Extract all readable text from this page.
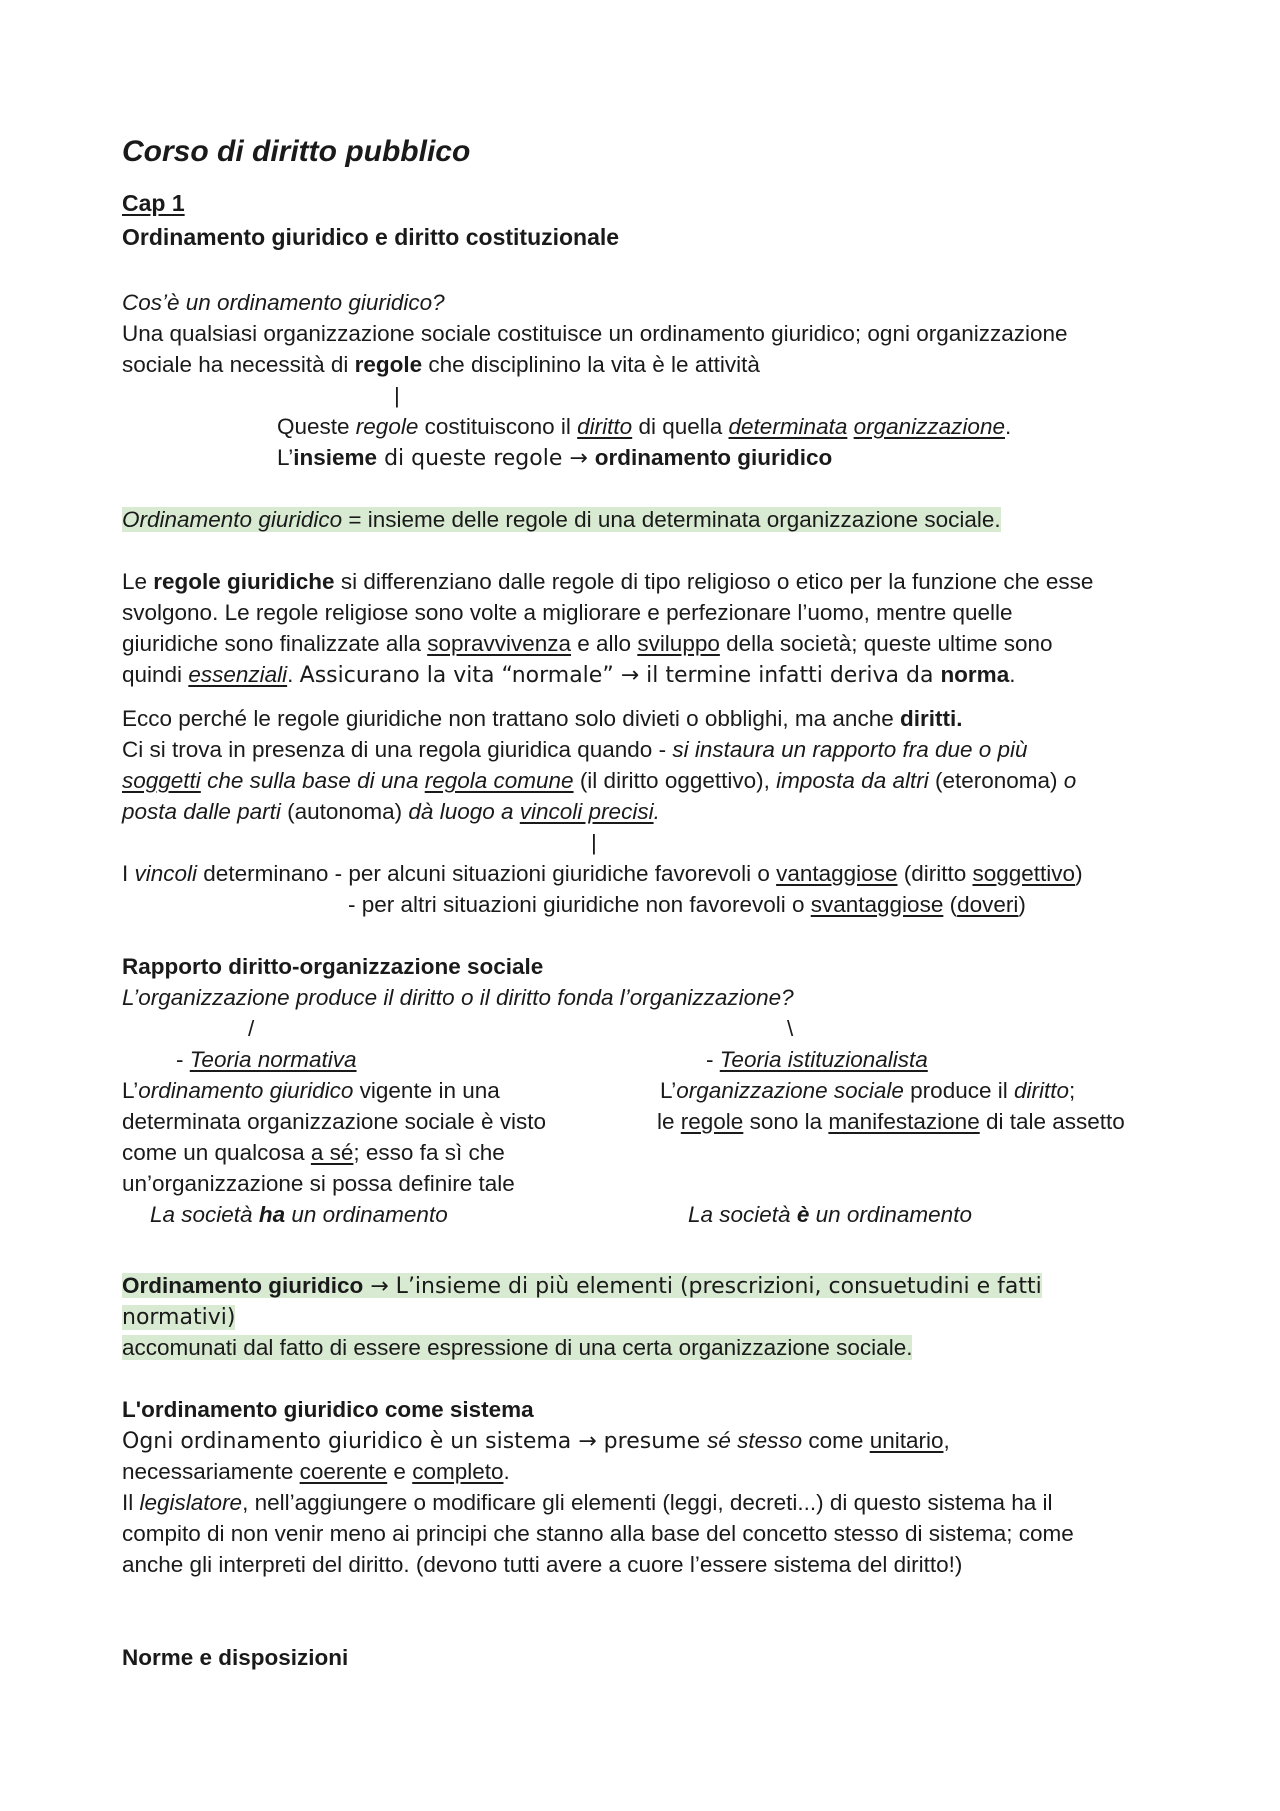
Corso di diritto pubblico
Cap 1
Ordinamento giuridico e diritto costituzionale
Cos’è un ordinamento giuridico?
Una qualsiasi organizzazione sociale costituisce un ordinamento giuridico; ogni organizzazione
sociale ha necessità di regole che disciplinino la vita è le attività
|
Queste regole costituiscono il diritto di quella determinata organizzazione.
L’insieme di queste regole → ordinamento giuridico
Ordinamento giuridico = insieme delle regole di una determinata organizzazione sociale.
Le regole giuridiche si differenziano dalle regole di tipo religioso o etico per la funzione che esse
svolgono. Le regole religiose sono volte a migliorare e perfezionare l’uomo, mentre quelle
giuridiche sono finalizzate alla sopravvivenza e allo sviluppo della società; queste ultime sono
quindi essenziali. Assicurano la vita “normale” → il termine infatti deriva da norma.
Ecco perché le regole giuridiche non trattano solo divieti o obblighi, ma anche diritti.
Ci si trova in presenza di una regola giuridica quando - si instaura un rapporto fra due o più
soggetti che sulla base di una regola comune (il diritto oggettivo), imposta da altri (eteronoma) o
posta dalle parti (autonoma) dà luogo a vincoli precisi.
|
I vincoli determinano - per alcuni situazioni giuridiche favorevoli o vantaggiose (diritto soggettivo)
- per altri situazioni giuridiche non favorevoli o svantaggiose (doveri)
Rapporto diritto-organizzazione sociale
L’organizzazione produce il diritto o il diritto fonda l’organizzazione?
/	\
- Teoria normativa	- Teoria istituzionalista
L’ordinamento giuridico vigente in una
determinata organizzazione sociale è visto
come un qualcosa a sé; esso fa sì che
un’organizzazione si possa definire tale
La società ha un ordinamento
L’organizzazione sociale produce il diritto;
le regole sono la manifestazione di tale assetto
La società è un ordinamento
Ordinamento giuridico → L’insieme di più elementi (prescrizioni, consuetudini e fatti
normativi)
accomunati dal fatto di essere espressione di una certa organizzazione sociale.
L'ordinamento giuridico come sistema
Ogni ordinamento giuridico è un sistema → presume sé stesso come unitario,
necessariamente coerente e completo.
Il legislatore, nell’aggiungere o modificare gli elementi (leggi, decreti...) di questo sistema ha il
compito di non venir meno ai principi che stanno alla base del concetto stesso di sistema; come
anche gli interpreti del diritto. (devono tutti avere a cuore l’essere sistema del diritto!)
Norme e disposizioni
